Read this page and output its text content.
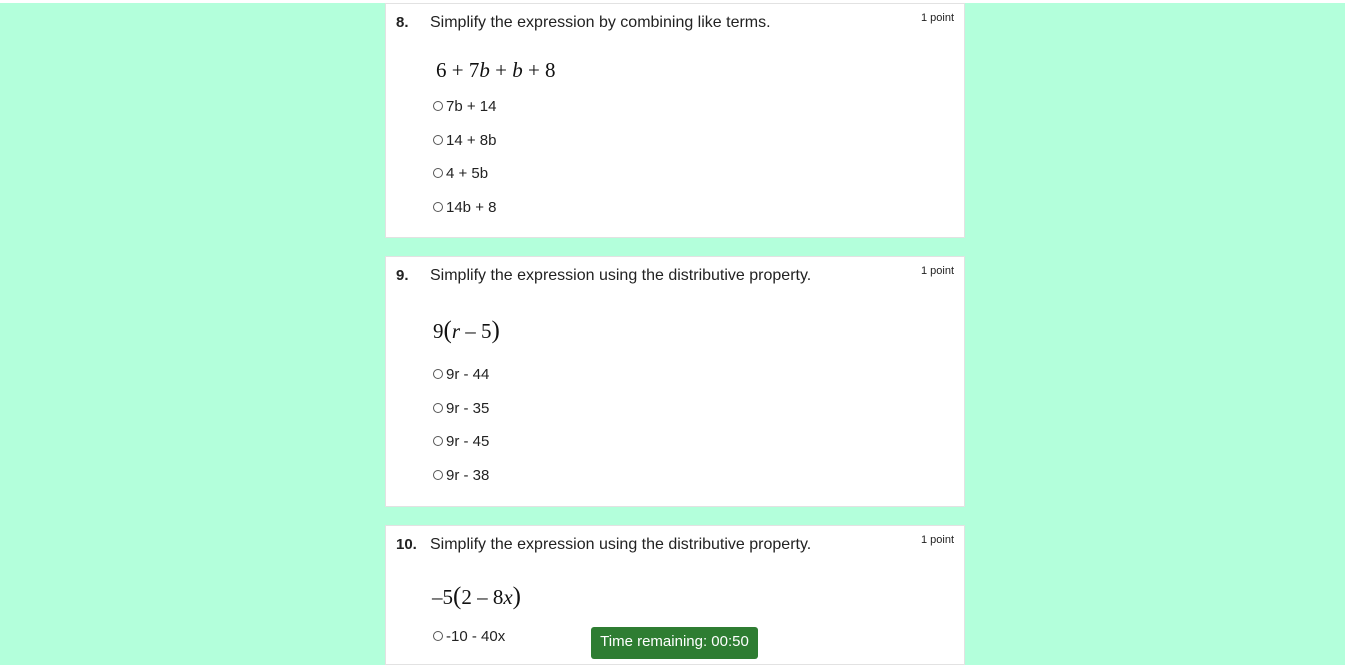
8. Simplify the expression by combining like terms.	1 point
6 + 7b + b + 8
7b + 14
14 + 8b
4 + 5b
14b + 8
9. Simplify the expression using the distributive property.	1 point
9(r – 5)
9r - 44
9r - 35
9r - 45
9r - 38
10. Simplify the expression using the distributive property.	1 point
–5(2 – 8x)
-10 - 40x	Time remaining: 00:50
